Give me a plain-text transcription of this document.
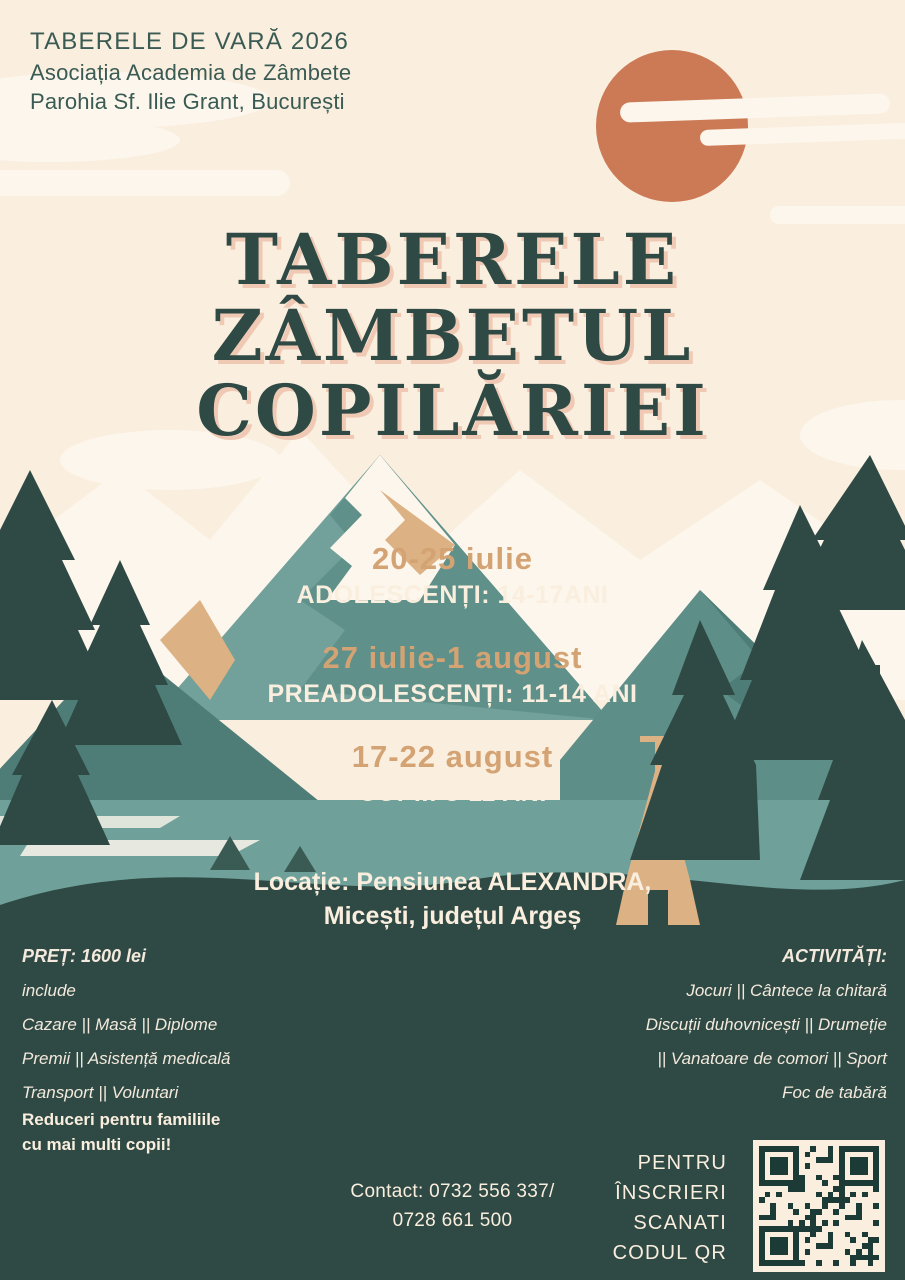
TABERELE DE VARĂ 2026
Asociația Academia de Zâmbete
Parohia Sf. Ilie Grant, București
TABERELE
ZÂMBETUL
COPILĂRIEI
20-25 iulie
ADOLESCENȚI: 14-17ANI
27 iulie-1 august
PREADOLESCENȚI: 11-14 ANI
17-22 august
COPII: 8-11 ANI
Locație: Pensiunea ALEXANDRA,
Micești, județul Argeș
PREȚ: 1600 lei
include
Cazare || Masă || Diplome
Premii || Asistență medicală
Transport || Voluntari
Reduceri pentru familiile
cu mai multi copii!
ACTIVITĂȚI:
Jocuri || Cântece la chitară
Discuții duhovnicești || Drumeție
|| Vanatoare de comori || Sport
Foc de tabără
Contact: 0732 556 337/
0728 661 500
PENTRU
ÎNSCRIERI
SCANATI
CODUL QR
